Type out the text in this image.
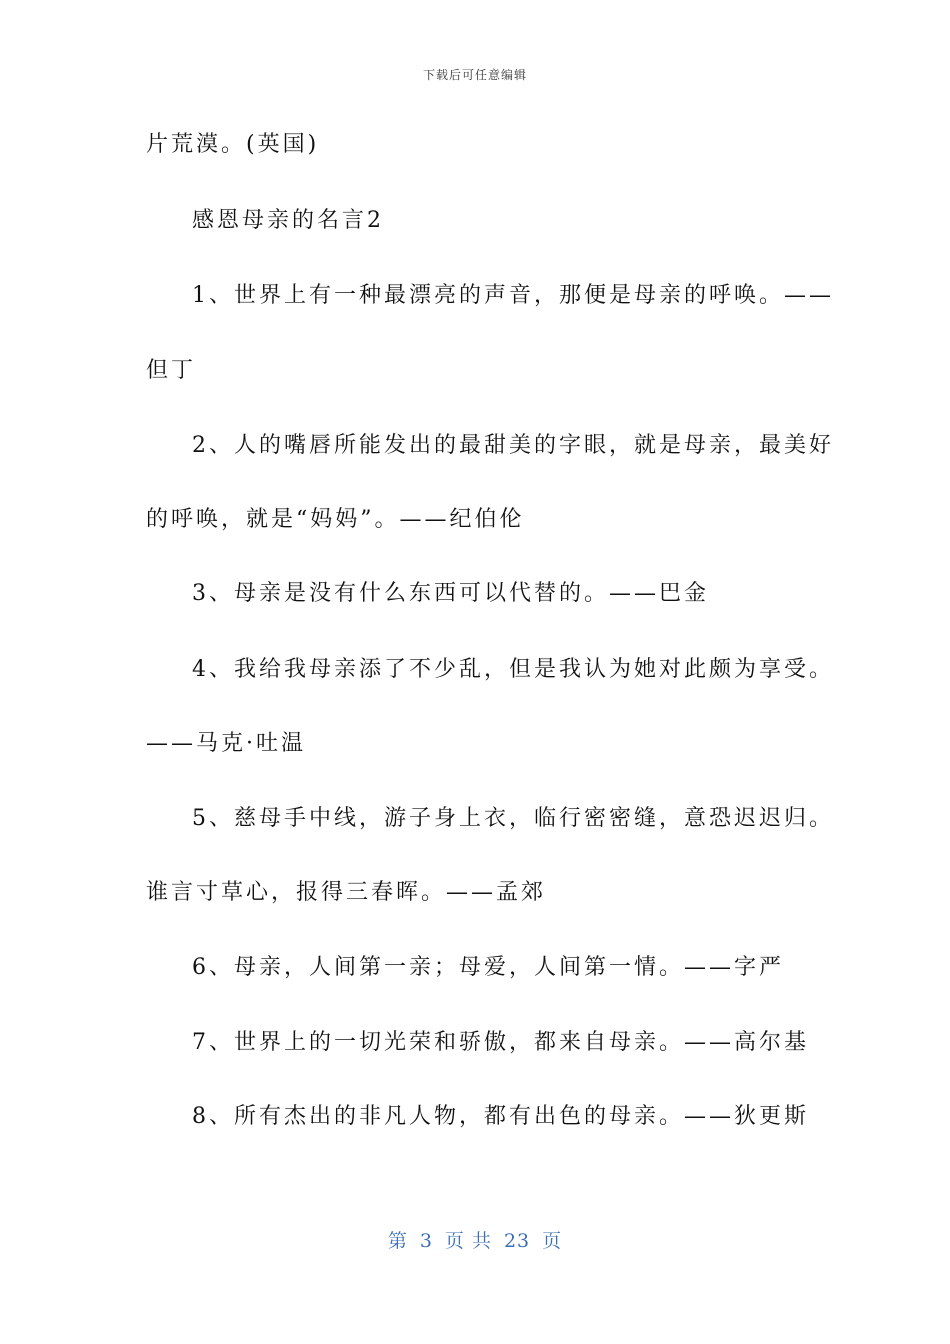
下载后可任意编辑
片荒漠。(英国)
感恩母亲的名言2
1、世界上有一种最漂亮的声音，那便是母亲的呼唤。——
但丁
2、人的嘴唇所能发出的最甜美的字眼，就是母亲，最美好
的呼唤，就是“妈妈”。——纪伯伦
3、母亲是没有什么东西可以代替的。——巴金
4、我给我母亲添了不少乱，但是我认为她对此颇为享受。
——马克·吐温
5、慈母手中线，游子身上衣，临行密密缝，意恐迟迟归。
谁言寸草心，报得三春晖。——孟郊
6、母亲，人间第一亲；母爱，人间第一情。——字严
7、世界上的一切光荣和骄傲，都来自母亲。——高尔基
8、所有杰出的非凡人物，都有出色的母亲。——狄更斯
第 3 页 共 23 页
